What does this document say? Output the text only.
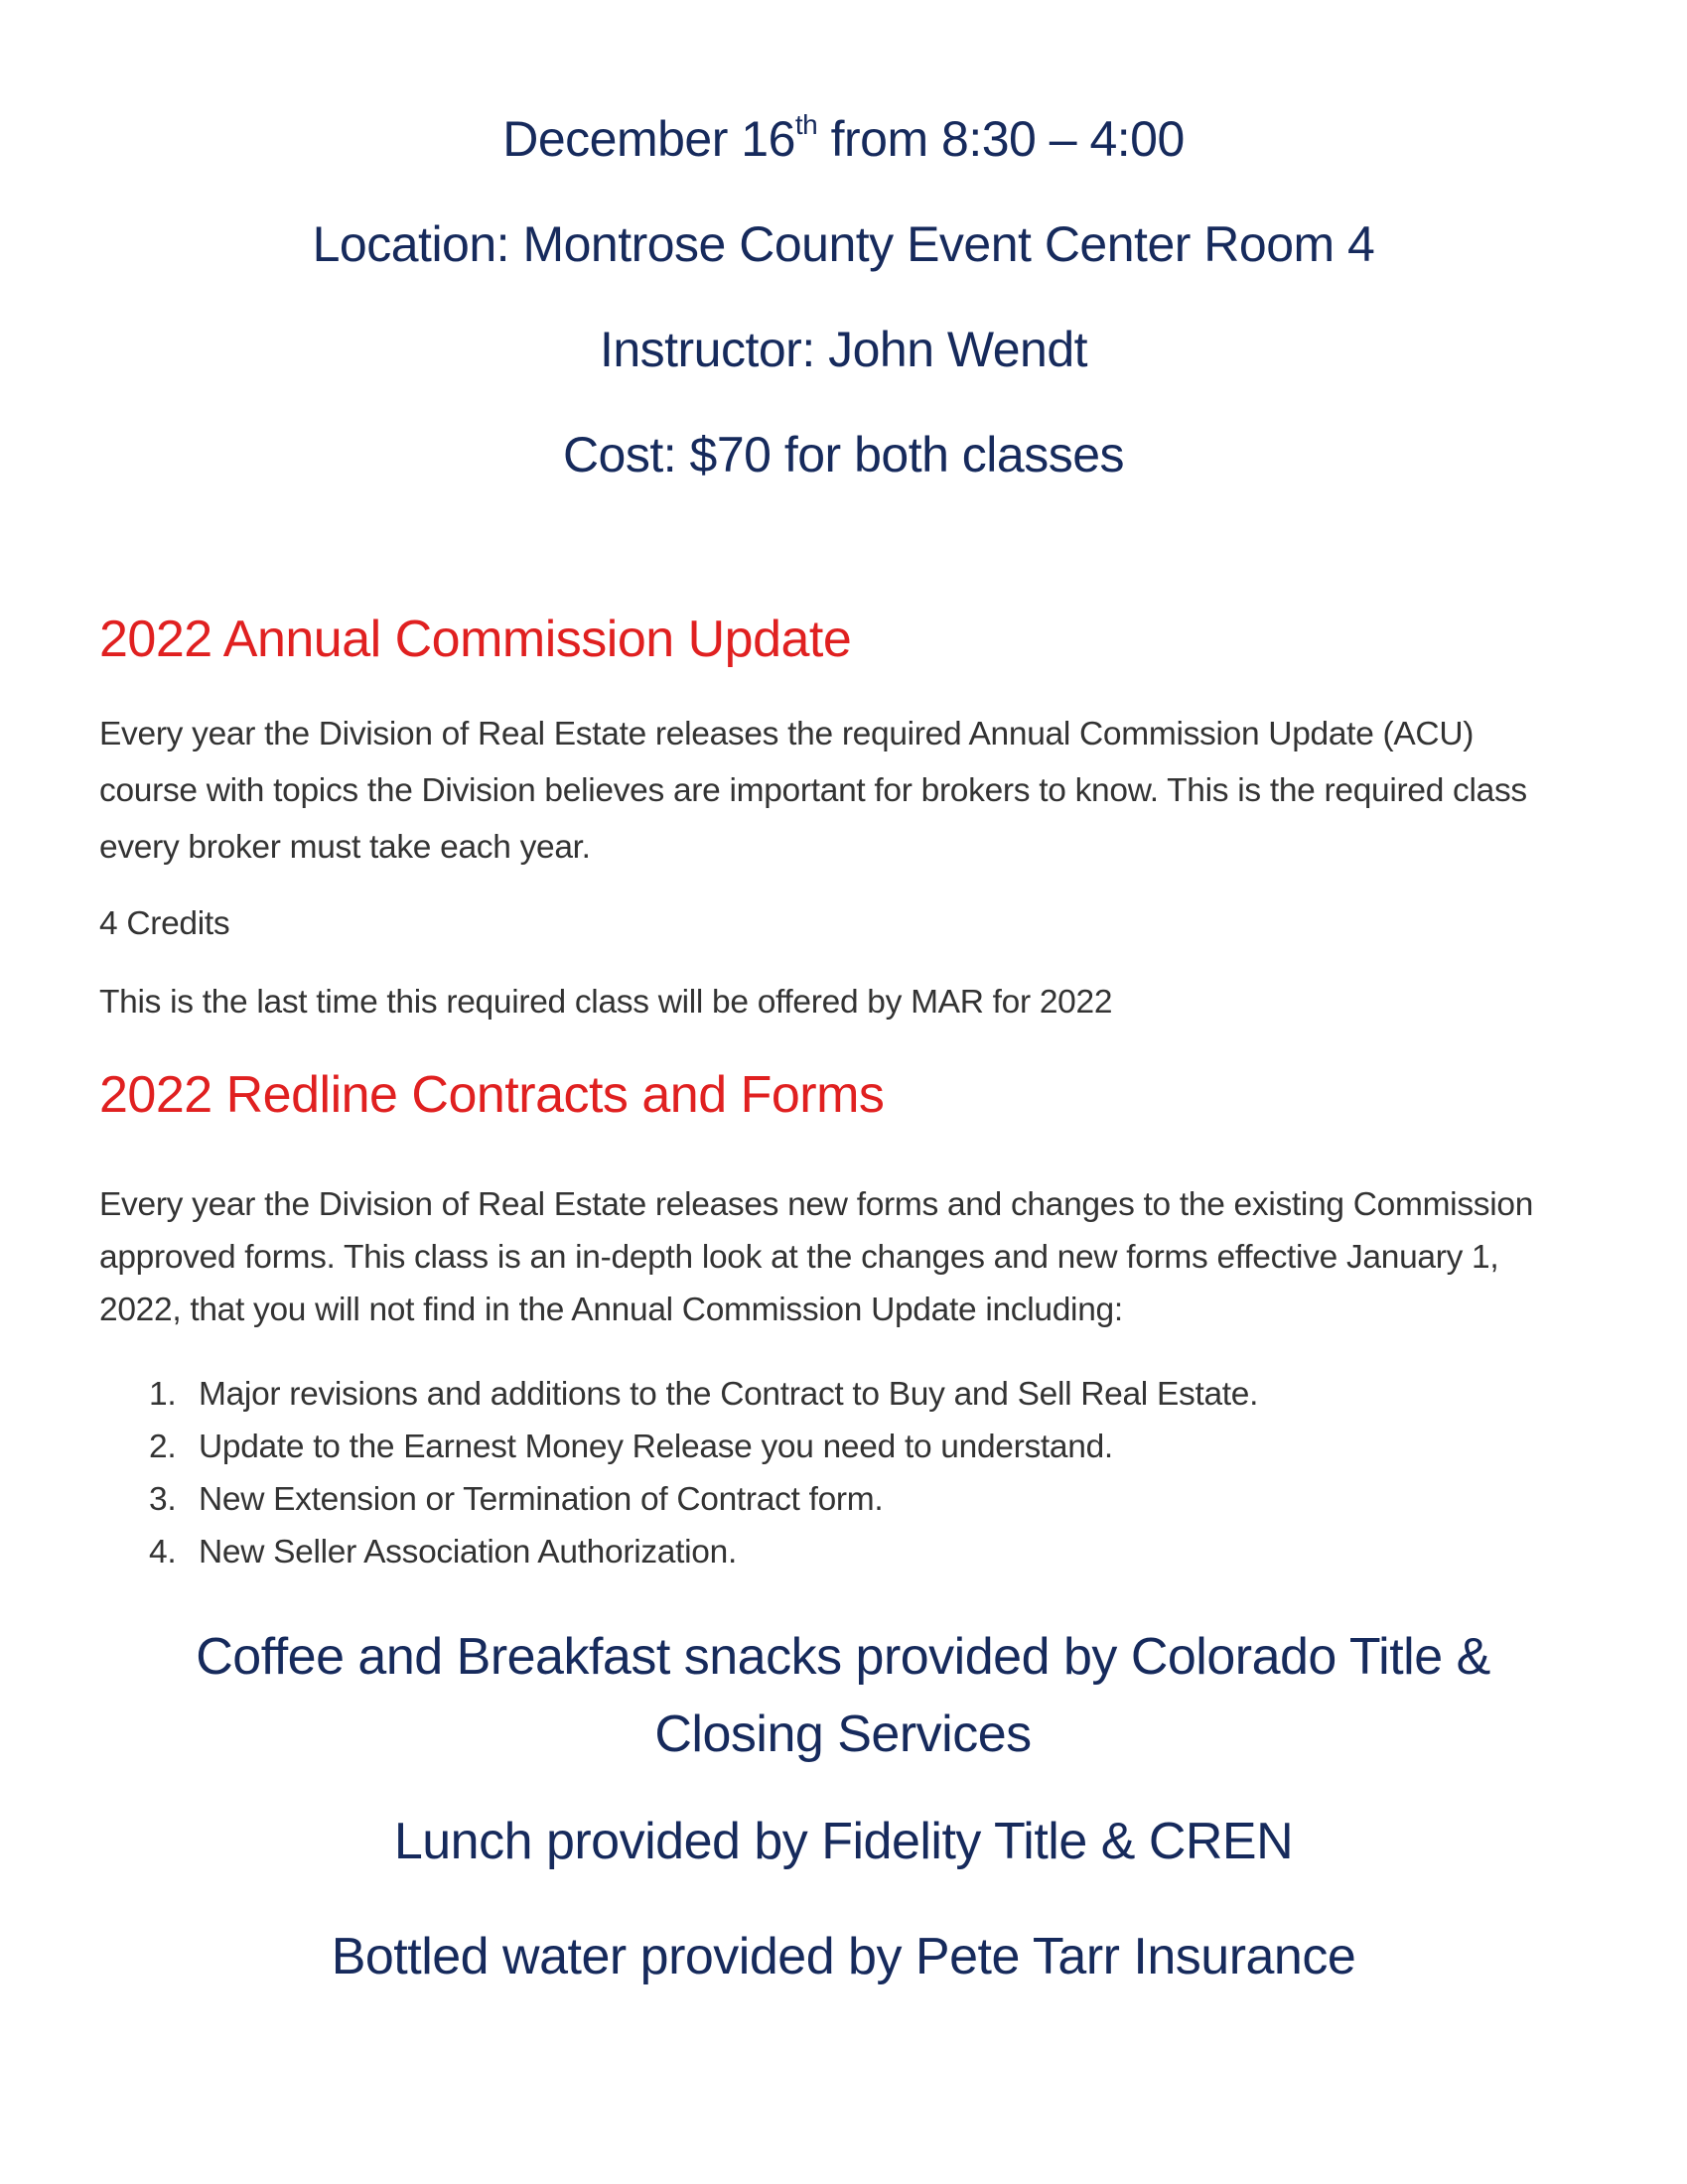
December 16th from 8:30 – 4:00

Location: Montrose County Event Center Room 4

Instructor: John Wendt

Cost: $70 for both classes

2022 Annual Commission Update

Every year the Division of Real Estate releases the required Annual Commission Update (ACU) course with topics the Division believes are important for brokers to know. This is the required class every broker must take each year.

4 Credits

This is the last time this required class will be offered by MAR for 2022

2022 Redline Contracts and Forms

Every year the Division of Real Estate releases new forms and changes to the existing Commission approved forms. This class is an in-depth look at the changes and new forms effective January 1, 2022, that you will not find in the Annual Commission Update including:

1. Major revisions and additions to the Contract to Buy and Sell Real Estate.
2. Update to the Earnest Money Release you need to understand.
3. New Extension or Termination of Contract form.
4. New Seller Association Authorization.

Coffee and Breakfast snacks provided by Colorado Title & Closing Services

Lunch provided by Fidelity Title & CREN

Bottled water provided by Pete Tarr Insurance
